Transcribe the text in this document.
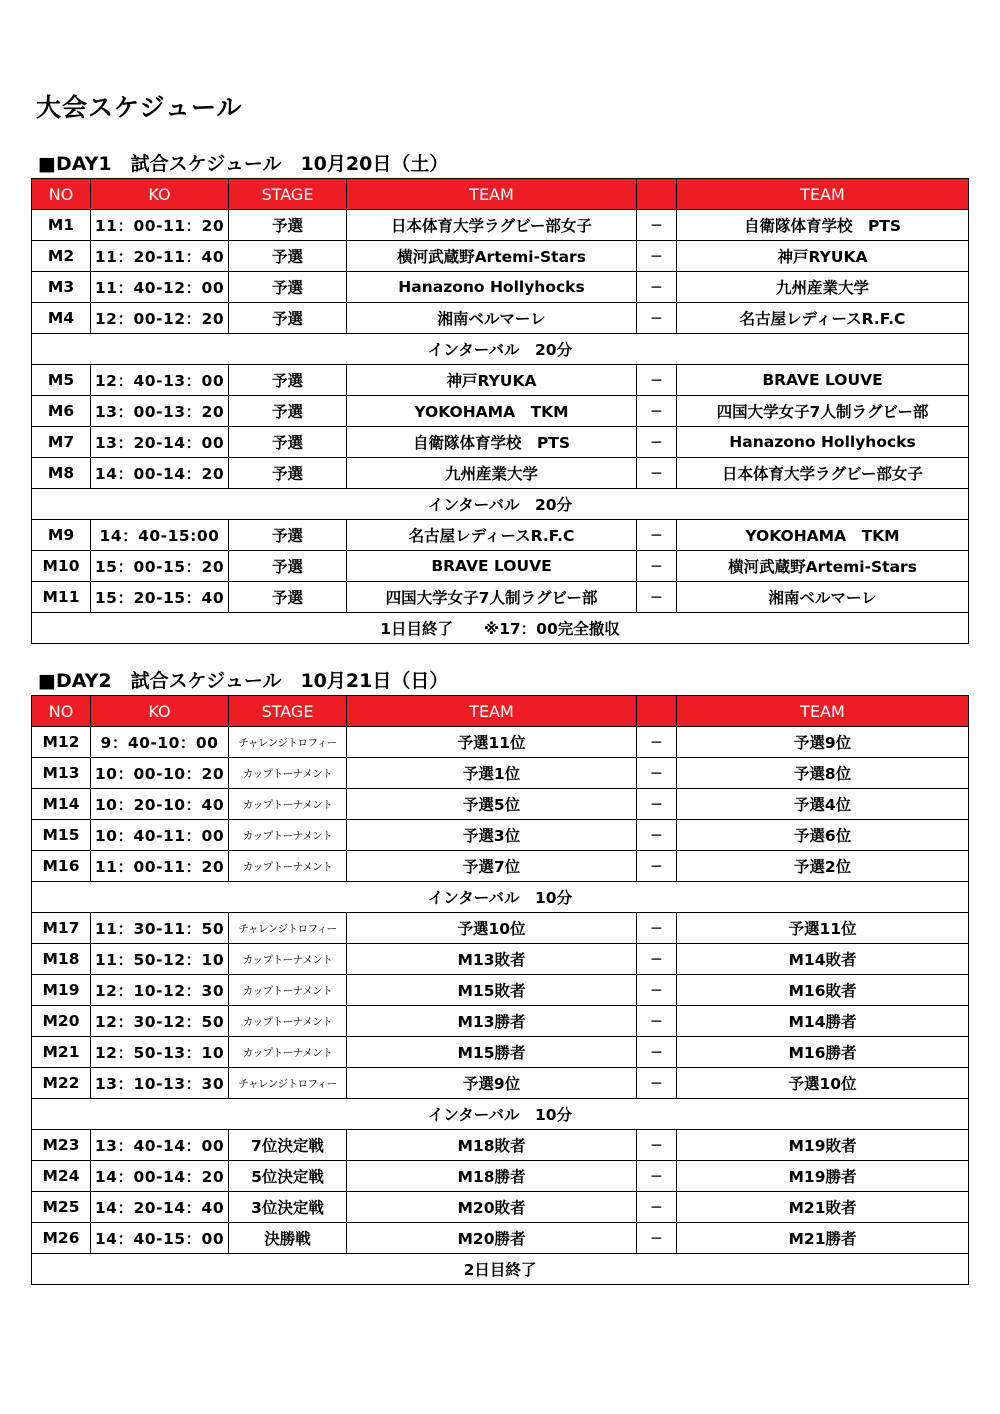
大会スケジュール
■DAY1　試合スケジュール　10月20日（土）
NO	KO	STAGE	TEAM		TEAM
M1	11：00-11：20	予選	日本体育大学ラグビー部女子	−	自衛隊体育学校　PTS
M2	11：20-11：40	予選	横河武蔵野Artemi-Stars	−	神戸RYUKA
M3	11：40-12：00	予選	Hanazono Hollyhocks	−	九州産業大学
M4	12：00-12：20	予選	湘南ベルマーレ	−	名古屋レディースR.F.C
インターバル　20分					
M5	12：40-13：00	予選	神戸RYUKA	−	BRAVE LOUVE
M6	13：00-13：20	予選	YOKOHAMA　TKM	−	四国大学女子7人制ラグビー部
M7	13：20-14：00	予選	自衛隊体育学校　PTS	−	Hanazono Hollyhocks
M8	14：00-14：20	予選	九州産業大学	−	日本体育大学ラグビー部女子
インターバル　20分					
M9	14：40-15:00	予選	名古屋レディースR.F.C	−	YOKOHAMA　TKM
M10	15：00-15：20	予選	BRAVE LOUVE	−	横河武蔵野Artemi-Stars
M11	15：20-15：40	予選	四国大学女子7人制ラグビー部	−	湘南ベルマーレ
1日目終了　　※17：00完全撤収					
■DAY2　試合スケジュール　10月21日（日）
NO	KO	STAGE	TEAM		TEAM
M12	9：40-10：00	チャレンジトロフィー	予選11位	−	予選9位
M13	10：00-10：20	カップトーナメント	予選1位	−	予選8位
M14	10：20-10：40	カップトーナメント	予選5位	−	予選4位
M15	10：40-11：00	カップトーナメント	予選3位	−	予選6位
M16	11：00-11：20	カップトーナメント	予選7位	−	予選2位
インターバル　10分					
M17	11：30-11：50	チャレンジトロフィー	予選10位	−	予選11位
M18	11：50-12：10	カップトーナメント	M13敗者	−	M14敗者
M19	12：10-12：30	カップトーナメント	M15敗者	−	M16敗者
M20	12：30-12：50	カップトーナメント	M13勝者	−	M14勝者
M21	12：50-13：10	カップトーナメント	M15勝者	−	M16勝者
M22	13：10-13：30	チャレンジトロフィー	予選9位	−	予選10位
インターバル　10分					
M23	13：40-14：00	7位決定戦	M18敗者	−	M19敗者
M24	14：00-14：20	5位決定戦	M18勝者	−	M19勝者
M25	14：20-14：40	3位決定戦	M20敗者	−	M21敗者
M26	14：40-15：00	決勝戦	M20勝者	−	M21勝者
2日目終了					
